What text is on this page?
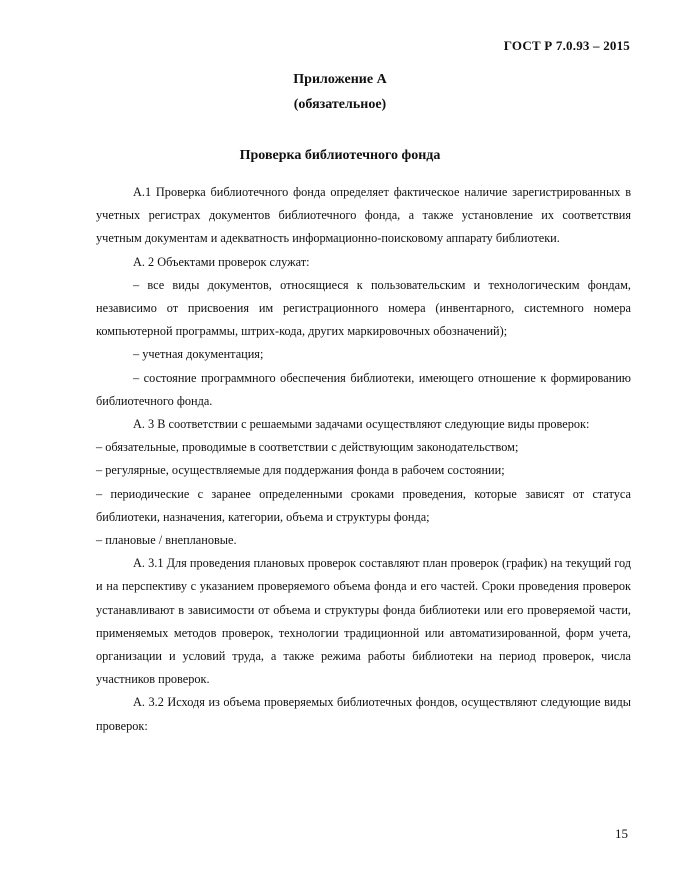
ГОСТ Р 7.0.93 – 2015
Приложение А
(обязательное)
Проверка библиотечного фонда

А.1 Проверка библиотечного фонда определяет фактическое наличие зарегистрированных в учетных регистрах документов библиотечного фонда, а также установление их соответствия учетным документам и адекватность информационно-поисковому аппарату библиотеки.

А. 2 Объектами проверок служат:

– все виды документов, относящиеся к пользовательским и технологическим фондам, независимо от присвоения им регистрационного номера (инвентарного, системного номера компьютерной программы, штрих-кода, других маркировочных обозначений);

– учетная документация;

– состояние программного обеспечения библиотеки, имеющего отношение к формированию библиотечного фонда.

А. 3 В соответствии с решаемыми задачами осуществляют следующие виды проверок:

– обязательные, проводимые в соответствии с действующим законодательством;

– регулярные, осуществляемые для поддержания фонда в рабочем состоянии;

– периодические с заранее определенными сроками проведения, которые зависят от статуса библиотеки, назначения, категории, объема и структуры фонда;

– плановые / внеплановые.

А. 3.1 Для проведения плановых проверок составляют план проверок (график) на текущий год и на перспективу с указанием проверяемого объема фонда и его частей. Сроки проведения проверок устанавливают в зависимости от объема и структуры фонда библиотеки или его проверяемой части, применяемых методов проверок, технологии традиционной или автоматизированной, форм учета, организации и условий труда, а также режима работы библиотеки на период проверок, числа участников проверок.

А. 3.2 Исходя из объема проверяемых библиотечных фондов, осуществляют следующие виды проверок:

15
